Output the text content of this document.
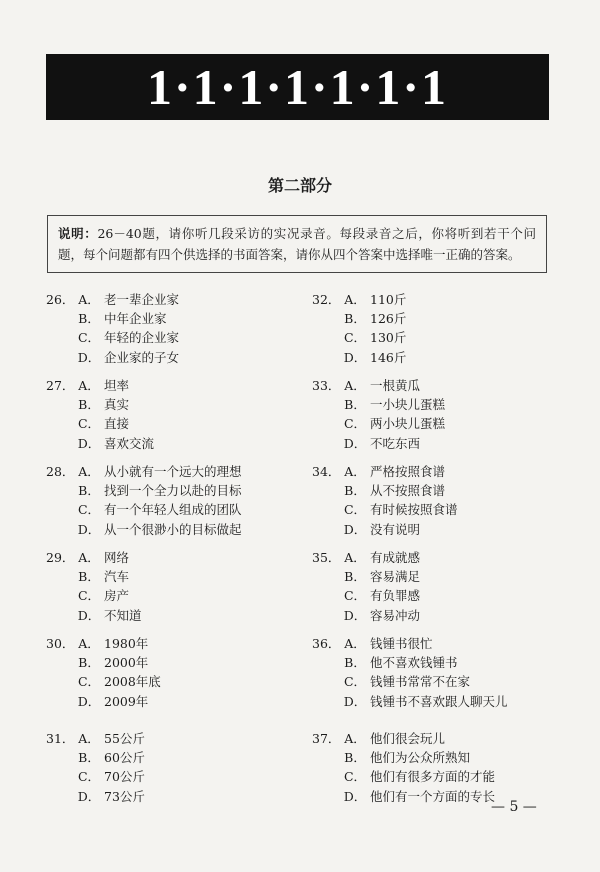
1·1·1·1·1·1·1
第二部分
说明：26－40题，请你听几段采访的实况录音。每段录音之后，你将听到若干个问题，每个问题都有四个供选择的书面答案，请你从四个答案中选择唯一正确的答案。
26． A． 老一辈企业家
B． 中年企业家
C． 年轻的企业家
D． 企业家的子女
27． A． 坦率
B． 真实
C． 直接
D． 喜欢交流
28． A． 从小就有一个远大的理想
B． 找到一个全力以赴的目标
C． 有一个年轻人组成的团队
D． 从一个很渺小的目标做起
29． A． 网络
B． 汽车
C． 房产
D． 不知道
30． A． 1980年
B． 2000年
C． 2008年底
D． 2009年
31． A． 55公斤
B． 60公斤
C． 70公斤
D． 73公斤
32． A． 110斤
B． 126斤
C． 130斤
D． 146斤
33． A． 一根黄瓜
B． 一小块儿蛋糕
C． 两小块儿蛋糕
D． 不吃东西
34． A． 严格按照食谱
B． 从不按照食谱
C． 有时候按照食谱
D． 没有说明
35． A． 有成就感
B． 容易满足
C． 有负罪感
D． 容易冲动
36． A． 钱锺书很忙
B． 他不喜欢钱锺书
C． 钱锺书常常不在家
D． 钱锺书不喜欢跟人聊天儿
37． A． 他们很会玩儿
B． 他们为公众所熟知
C． 他们有很多方面的才能
D． 他们有一个方面的专长
— 5 —
